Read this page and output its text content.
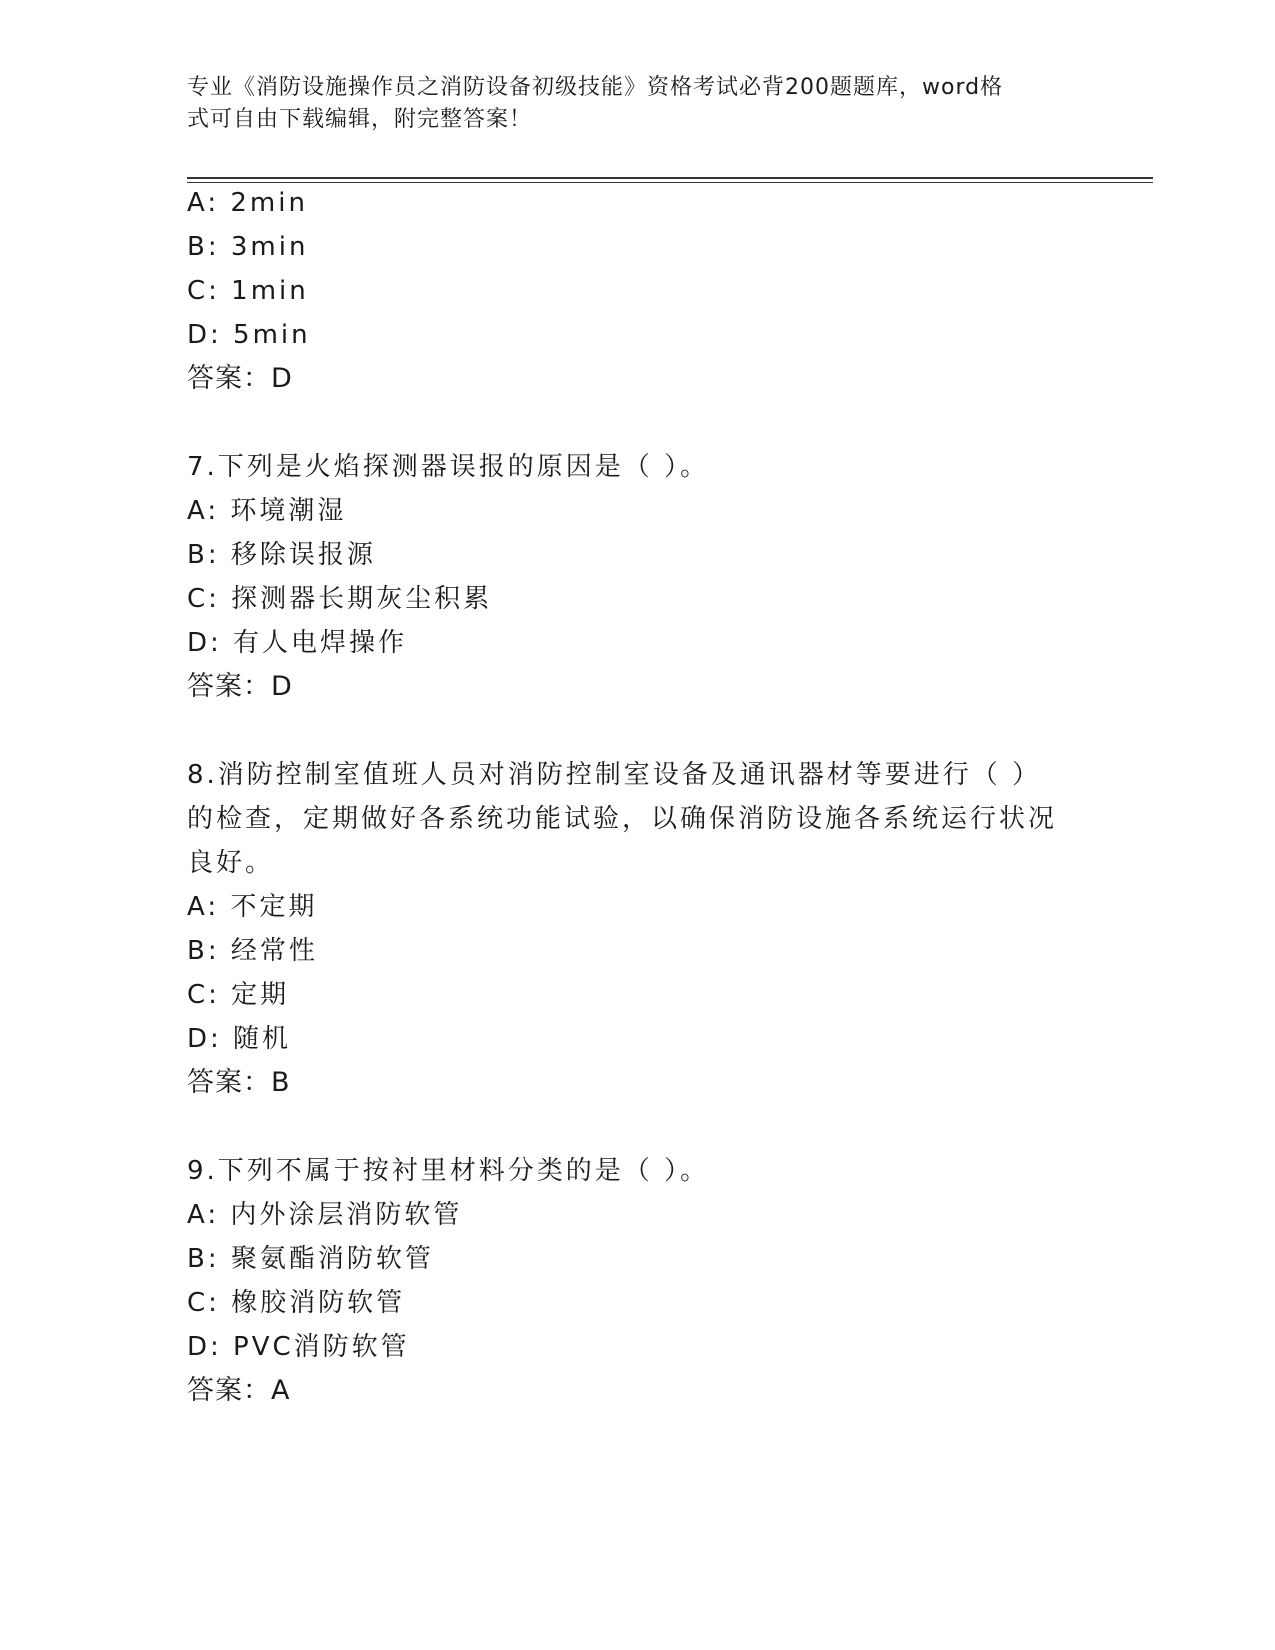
专业《消防设施操作员之消防设备初级技能》资格考试必背200题题库，word格
式可自由下载编辑，附完整答案！
A: 2min
B: 3min
C: 1min
D: 5min
答案：D
7.下列是火焰探测器误报的原因是（ ）。
A: 环境潮湿
B: 移除误报源
C: 探测器长期灰尘积累
D: 有人电焊操作
答案：D
8.消防控制室值班人员对消防控制室设备及通讯器材等要进行（ ）
的检查，定期做好各系统功能试验，以确保消防设施各系统运行状况
良好。
A: 不定期
B: 经常性
C: 定期
D: 随机
答案：B
9.下列不属于按衬里材料分类的是（ ）。
A: 内外涂层消防软管
B: 聚氨酯消防软管
C: 橡胶消防软管
D: PVC消防软管
答案：A
